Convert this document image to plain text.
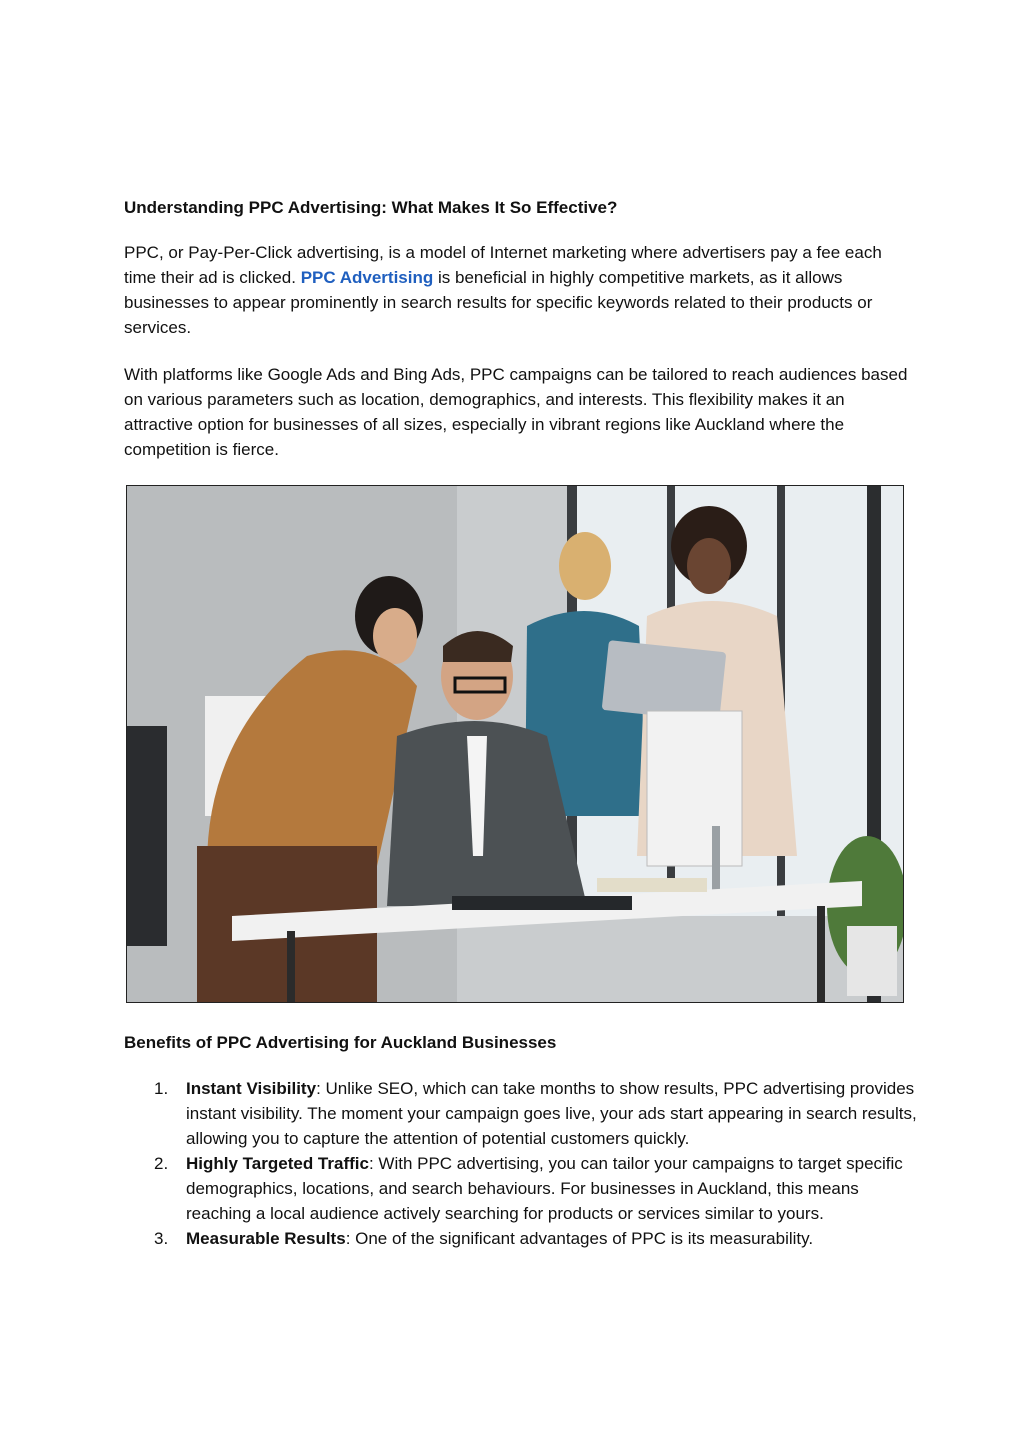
Understanding PPC Advertising: What Makes It So Effective?

PPC, or Pay-Per-Click advertising, is a model of Internet marketing where advertisers pay a fee each time their ad is clicked. PPC Advertising is beneficial in highly competitive markets, as it allows businesses to appear prominently in search results for specific keywords related to their products or services.

With platforms like Google Ads and Bing Ads, PPC campaigns can be tailored to reach audiences based on various parameters such as location, demographics, and interests. This flexibility makes it an attractive option for businesses of all sizes, especially in vibrant regions like Auckland where the competition is fierce.

Benefits of PPC Advertising for Auckland Businesses
1. Instant Visibility: Unlike SEO, which can take months to show results, PPC advertising provides instant visibility. The moment your campaign goes live, your ads start appearing in search results, allowing you to capture the attention of potential customers quickly.
2. Highly Targeted Traffic: With PPC advertising, you can tailor your campaigns to target specific demographics, locations, and search behaviours. For businesses in Auckland, this means reaching a local audience actively searching for products or services similar to yours.
3. Measurable Results: One of the significant advantages of PPC is its measurability.
